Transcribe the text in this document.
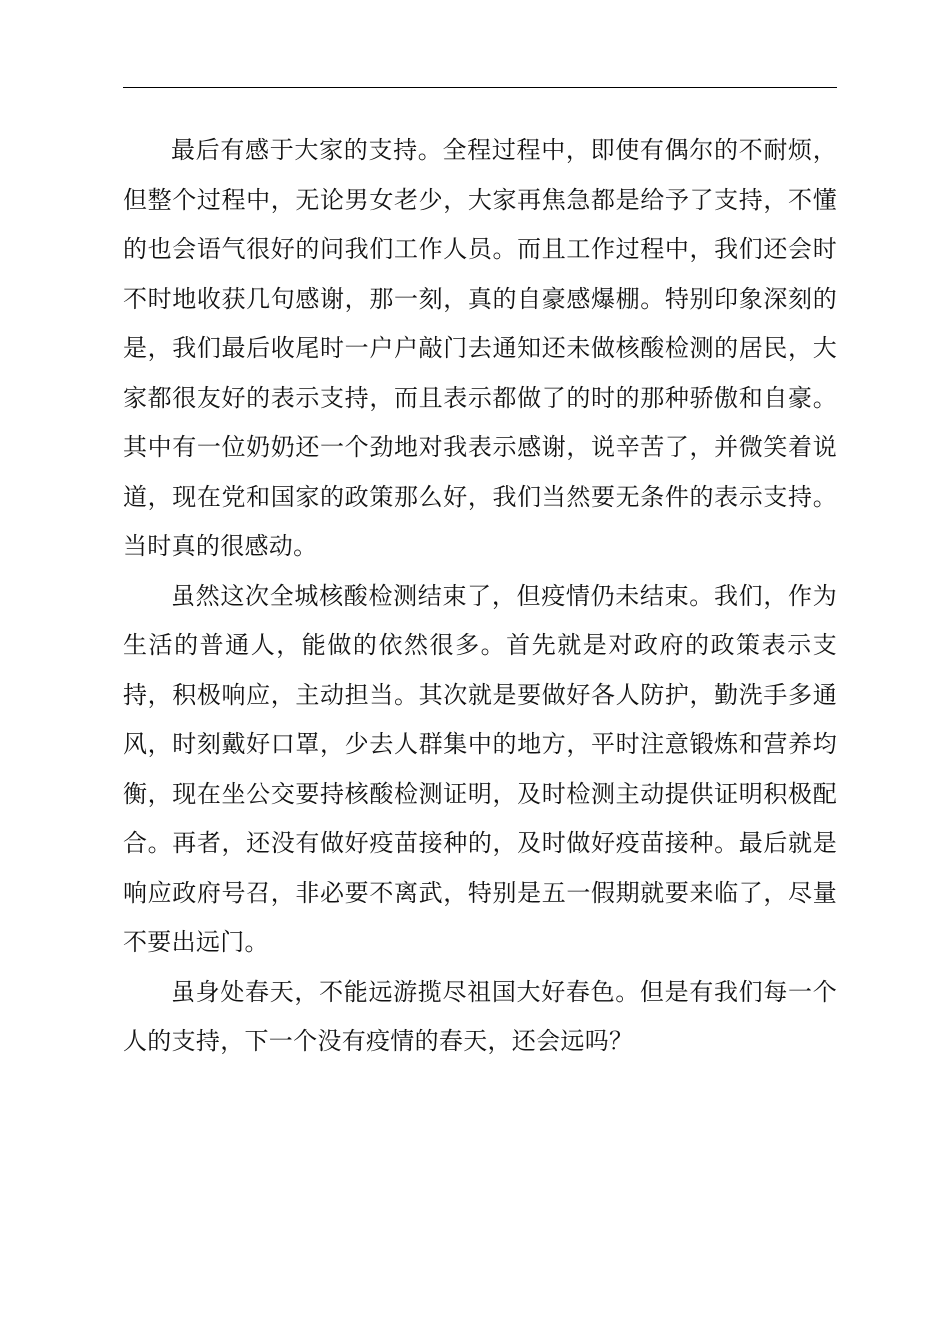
最后有感于大家的支持。全程过程中，即使有偶尔的不耐烦，但整个过程中，无论男女老少，大家再焦急都是给予了支持，不懂的也会语气很好的问我们工作人员。而且工作过程中，我们还会时不时地收获几句感谢，那一刻，真的自豪感爆棚。特别印象深刻的是，我们最后收尾时一户户敲门去通知还未做核酸检测的居民，大家都很友好的表示支持，而且表示都做了的时的那种骄傲和自豪。其中有一位奶奶还一个劲地对我表示感谢，说辛苦了，并微笑着说道，现在党和国家的政策那么好，我们当然要无条件的表示支持。当时真的很感动。

虽然这次全城核酸检测结束了，但疫情仍未结束。我们，作为生活的普通人，能做的依然很多。首先就是对政府的政策表示支持，积极响应，主动担当。其次就是要做好各人防护，勤洗手多通风，时刻戴好口罩，少去人群集中的地方，平时注意锻炼和营养均衡，现在坐公交要持核酸检测证明，及时检测主动提供证明积极配合。再者，还没有做好疫苗接种的，及时做好疫苗接种。最后就是响应政府号召，非必要不离武，特别是五一假期就要来临了，尽量不要出远门。

虽身处春天，不能远游揽尽祖国大好春色。但是有我们每一个人的支持，下一个没有疫情的春天，还会远吗？
